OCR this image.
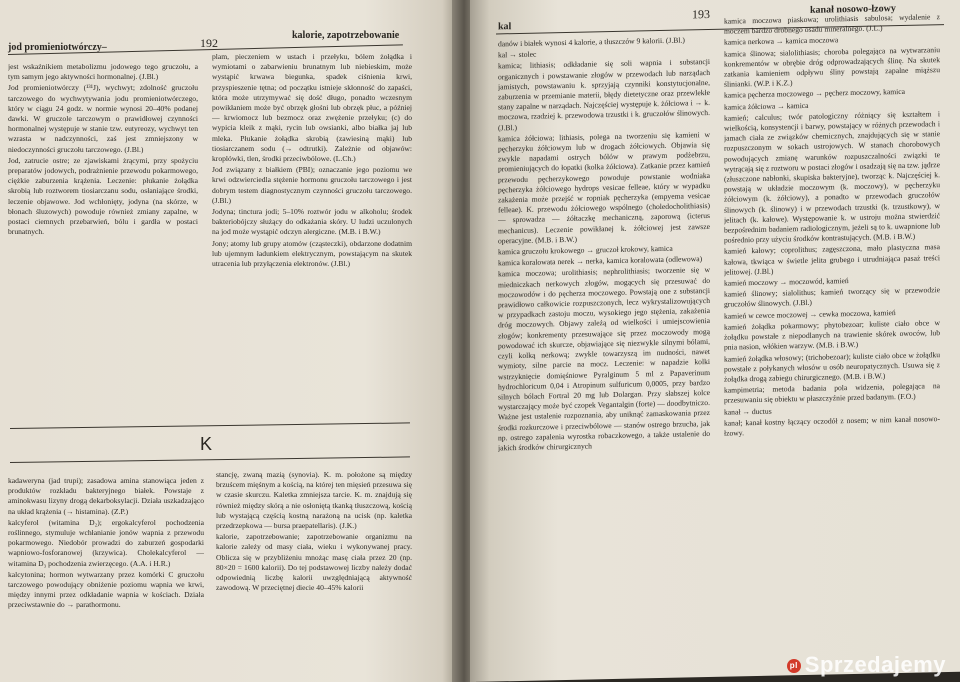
jod promieniotwórczy–	192
kalorie, zapotrzebowanie

jest wskaźnikiem metabolizmu jodowego tego gruczołu, a tym samym jego aktywności hormonalnej. (J.Bl.)

Jod promieniotwórczy (¹³¹J), wychwyt; zdolność gruczołu tarczowego do wychwytywania jodu promieniotwórczego, który w ciągu 24 godz. w normie wynosi 20–40% podanej dawki. W gruczole tarczowym o prawidłowej czynności hormonalnej występuje w stanie tzw. eutyreozy, wychwyt ten wzrasta w nadczynności, zaś jest zmniejszony w niedoczynności gruczołu tarczowego. (J.Bl.)

Jod, zatrucie ostre; ze zjawiskami żrącymi, przy spożyciu preparatów jodowych, podrażnienie przewodu pokarmowego, ciężkie zaburzenia krążenia. Leczenie: płukanie żołądka skrobią lub roztworem tiosiarczanu sodu, osłaniające środki, leczenie objawowe. Jod wchłonięty, jodyna (na skórze, w błonach śluzowych) powoduje również zmiany zapalne, w postaci ciemnych przebarwień, bólu i gardła w postaci brunatnych.

plam, pieczeniem w ustach i przełyku, bólem żołądka i wymiotami o zabarwieniu brunatnym lub niebieskim, może wystąpić krwawa biegunka, spadek ciśnienia krwi, przyspieszenie tętna; od początku istnieje skłonność do zapaści, która może utrzymywać się dość długo, ponadto wczesnym powikłaniem może być obrzęk głośni lub obrzęk płuc, a później — krwiomocz lub bezmocz oraz zwężenie przełyku; (c) do wypicia kleik z mąki, rycin lub owsianki, albo białka jaj lub mleka. Płukanie żołądka skrobią (zawiesiną mąki) lub tiosiarczanem sodu (→ odtrutki). Zależnie od objawów: kroplówki, tlen, środki przeciwbólowe. (L.Ch.)

Jod związany z białkiem (PBI); oznaczanie jego poziomu we krwi odzwierciedla stężenie hormonu gruczołu tarczowego i jest dobrym testem diagnostycznym czynności gruczołu tarczowego. (J.Bl.)

Jodyna; tinctura jodi; 5–10% roztwór jodu w alkoholu; środek bakteriobójczy służący do odkażania skóry. U ludzi uczulonych na jod może wystąpić odczyn alergiczne. (M.B. i B.W.)

Jony; atomy lub grupy atomów (cząsteczki), obdarzone dodatnim lub ujemnym ładunkiem elektrycznym, powstającym na skutek utracenia lub przyłączenia elektronów. (J.Bl.)

K

kadaweryna (jad trupi); zasadowa amina stanowiąca jeden z produktów rozkładu bakteryjnego białek. Powstaje z aminokwasu lizyny drogą dekarboksylacji. Działa uszkadzająco na układ krążenia (→ histamina). (Z.P.)

kalcyferol (witamina D₂); ergokalcyferol pochodzenia roślinnego, stymuluje wchłanianie jonów wapnia z przewodu pokarmowego. Niedobór prowadzi do zaburzeń gospodarki wapniowo-fosforanowej (krzywica). Cholekalcyferol — witamina D₃ pochodzenia zwierzęcego. (A.A. i H.R.)

kalcytonina; hormon wytwarzany przez komórki C gruczołu tarczowego powodujący obniżenie poziomu wapnia we krwi, między innymi przez odkładanie wapnia w kościach. Działa przeciwstawnie do → parathormonu.

stancję, zwaną mazią (synovia). K. m. położone są między brzuścem mięśnym a kością, na której ten mięsień przesuwa się w czasie skurczu. Kaletka zmniejsza tarcie. K. m. znajdują się również między skórą a nie osłoniętą tkanką tłuszczową, kością lub wystającą częścią kostną narażoną na ucisk (np. kaletka przedrzepkowa — bursa praepatellaris). (J.K.)

kalorie, zapotrzebowanie; zapotrzebowanie organizmu na kalorie zależy od masy ciała, wieku i wykonywanej pracy. Oblicza się w przybliżeniu mnożąc masę ciała przez 20 (np. 80×20 = 1600 kalorii). Do tej podstawowej liczby należy dodać odpowiednią liczbę kalorii uwzględniającą aktywność zawodową. W przeciętnej diecie 40–45% kalorii

kal
193	kanał nosowo-łzowy

danów i białek wynosi 4 kalorie, a tłuszczów 9 kalorii. (J.Bl.)

kal → stolec

kamica; lithiasis; odkładanie się soli wapnia i substancji organicznych i powstawanie złogów w przewodach lub narządach jamistych, powstawaniu k. sprzyjają czynniki konstytucjonalne, zaburzenia w przemianie materii, błędy dietetyczne oraz przewlekłe stany zapalne w narządach. Najczęściej występuje k. żółciowa i → k. moczowa, rzadziej k. przewodowa trzustki i k. gruczołów ślinowych. (J.Bl.)

kamica żółciowa; lithiasis, polega na tworzeniu się kamieni w pęcherzyku żółciowym lub w drogach żółciowych. Objawia się zwykle napadami ostrych bólów w prawym podżebrzu, promieniujących do łopatki (kolka żółciowa). Zatkanie przez kamień przewodu pęcherzykowego powoduje powstanie wodniaka pęcherzyka żółciowego hydrops vesicae felleae, który w wypadku zakażenia może przejść w ropniak pęcherzyka (empyema vesicae felleae). K. przewodu żółciowego wspólnego (choledocholithiasis) — sprowadza — żółtaczkę mechaniczną, zaporową (icterus mechanicus). Leczenie powikłanej k. żółciowej jest zawsze operacyjne. (M.B. i B.W.)

kamica gruczołu krokowego → gruczoł krokowy, kamica

kamica koralowata nerek → nerka, kamica koralowata (odlewowa)

kamica moczowa; urolithiasis; nephrolithiasis; tworzenie się w miedniczkach nerkowych złogów, mogących się przesuwać do moczowodów i do pęcherza moczowego. Powstają one z substancji prawidłowo całkowicie rozpuszczonych, lecz wykrystalizowujących w przypadkach zastoju moczu, wysokiego jego stężenia, zakażenia dróg moczowych. Objawy zależą od wielkości i umiejscowienia złogów; konkrementy przesuwające się przez moczowody mogą powodować ich skurcze, objawiające się niezwykle silnymi bólami, czyli kolką nerkową; zwykle towarzyszą im nudności, nawet wymioty, silne parcie na mocz. Leczenie: w napadzie kolki wstrzyknięcie domięśniowe Pyralginum 5 ml z Papaverinum hydrochloricum 0,04 i Atropinum sulfuricum 0,0005, przy bardzo silnych bólach Fortral 20 mg lub Dolargan. Przy słabszej kolce wystarczający może być czopek Vegantalgin (forte) — doodbytniczo. Ważne jest ustalenie rozpoznania, aby uniknąć zamaskowania przez środki rozkurczowe i przeciwbólowe — stanów ostrego brzucha, jak np. ostrego zapalenia wyrostka robaczkowego, a także ustalenie do jakich środków chirurgicznych

kamica moczowa piaskowa; urolithiasis sabulosa; wydalenie z moczem bardzo drobnego osadu mineralnego. (J.L.)

kamica nerkowa → kamica moczowa

kamica ślinowa; sialolithiasis; choroba polegająca na wytwarzaniu konkrementów w obrębie dróg odprowadzających ślinę. Na skutek zatkania kamieniem odpływu śliny powstają zapalne miąższu ślinianki. (W.P. i K.Z.)

kamica pęcherza moczowego → pęcherz moczowy, kamica

kamica żółciowa → kamica

kamień; calculus; twór patologiczny różniący się kształtem i wielkością, konsystencji i barwy, powstający w różnych przewodach i jamach ciała ze związków chemicznych, znajdujących się w stanie rozpuszczonym w sokach ustrojowych. W stanach chorobowych powodujących zmianę warunków rozpuszczalności związki te wytrącają się z roztworu w postaci złogów i osadzają się na tzw. jądrze (złuszczone nabłonki, skupiska bakteryjne), tworząc k. Najczęściej k. powstają w układzie moczowym (k. moczowy), w pęcherzyku żółciowym (k. żółciowy), a ponadto w przewodach gruczołów ślinowych (k. ślinowy) i w przewodach trzustki (k. trzustkowy), w jelitach (k. kałowe). Występowanie k. w ustroju można stwierdzić bezpośrednim badaniem radiologicznym, jeżeli są to k. uwapnione lub pośrednio przy użyciu środków kontrastujących. (M.B. i B.W.)

kamień kałowy; coprolithus; zagęszczona, mało plastyczna masa kałowa, tkwiąca w świetle jelita grubego i utrudniająca pasaż treści jelitowej. (J.Bl.)

kamień moczowy → moczowód, kamień

kamień ślinowy; sialolithus; kamień tworzący się w przewodzie gruczołów ślinowych. (J.Bl.)

kamień w cewce moczowej → cewka moczowa, kamień

kamień żołądka pokarmowy; phytobezoar; kuliste ciało obce w żołądku powstałe z niepodlanych na trawienie skórek owoców, lub pnia nasion, włókien warzyw. (M.B. i B.W.)

kamień żołądka włosowy; (trichobezoar); kuliste ciało obce w żołądku powstałe z połykanych włosów u osób neuropatycznych. Usuwa się z żołądka drogą zabiegu chirurgicznego. (M.B. i B.W.)

kampimetria; metoda badania pola widzenia, polegająca na przesuwaniu się obiektu w płaszczyźnie przed badanym. (F.O.)

kanał → ductus

kanał; kanał kostny łączący oczodół z nosem; w nim kanał nosowo-łzowy.

pl Sprzedajemy
